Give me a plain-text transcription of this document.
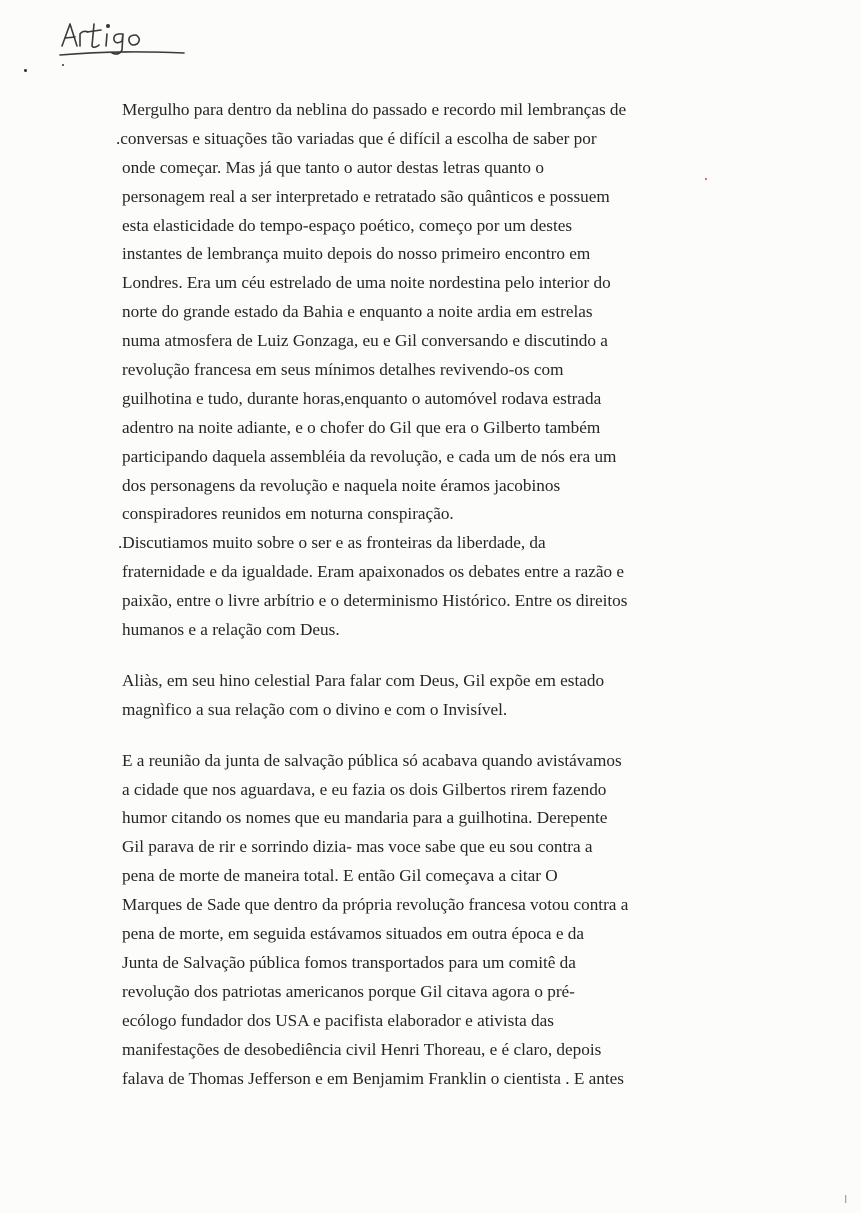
Mergulho para dentro da neblina do passado e recordo mil lembranças de
.conversas e situações tão variadas que é difícil a escolha de saber por
onde começar. Mas já que tanto o autor destas letras quanto o
personagem real a ser interpretado e retratado são quânticos e possuem
esta elasticidade do tempo-espaço poético, começo por um destes
instantes de lembrança muito depois do nosso primeiro encontro em
Londres. Era um céu estrelado de uma noite nordestina pelo interior do
norte do grande estado da Bahia e enquanto a noite ardia em estrelas
numa atmosfera de Luiz Gonzaga, eu e Gil conversando e discutindo a
revolução francesa em seus mínimos detalhes revivendo-os com
guilhotina e tudo, durante horas,enquanto o automóvel rodava estrada
adentro na noite adiante, e o chofer do Gil que era o Gilberto também
participando daquela assembléia da revolução, e cada um de nós era um
dos personagens da revolução e naquela noite éramos jacobinos
conspiradores reunidos em noturna conspiração.
.Discutiamos muito sobre o ser e as fronteiras da liberdade, da
fraternidade e da igualdade. Eram apaixonados os debates entre a razão e
paixão, entre o livre arbítrio e o determinismo Histórico. Entre os direitos
humanos e a relação com Deus.
Aliàs, em seu hino celestial Para falar com Deus, Gil expõe em estado
magnìfico a sua relação com o divino e com o Invisível.
E a reunião da junta de salvação pública só acabava quando avistávamos
a cidade que nos aguardava, e eu fazia os dois Gilbertos rirem fazendo
humor citando os nomes que eu mandaria para a guilhotina. Derepente
Gil parava de rir e sorrindo dizia- mas voce sabe que eu sou contra a
pena de morte de maneira total. E então Gil começava a citar O
Marques de Sade que dentro da própria revolução francesa votou contra a
pena de morte, em seguida estávamos situados em outra época e da
Junta de Salvação pública fomos transportados para um comitê da
revolução dos patriotas americanos porque Gil citava agora o pré-
ecólogo fundador dos USA e pacifista elaborador e ativista das
manifestações de desobediência civil Henri Thoreau, e é claro, depois
falava de Thomas Jefferson e em Benjamim Franklin o cientista . E antes
ǀ
